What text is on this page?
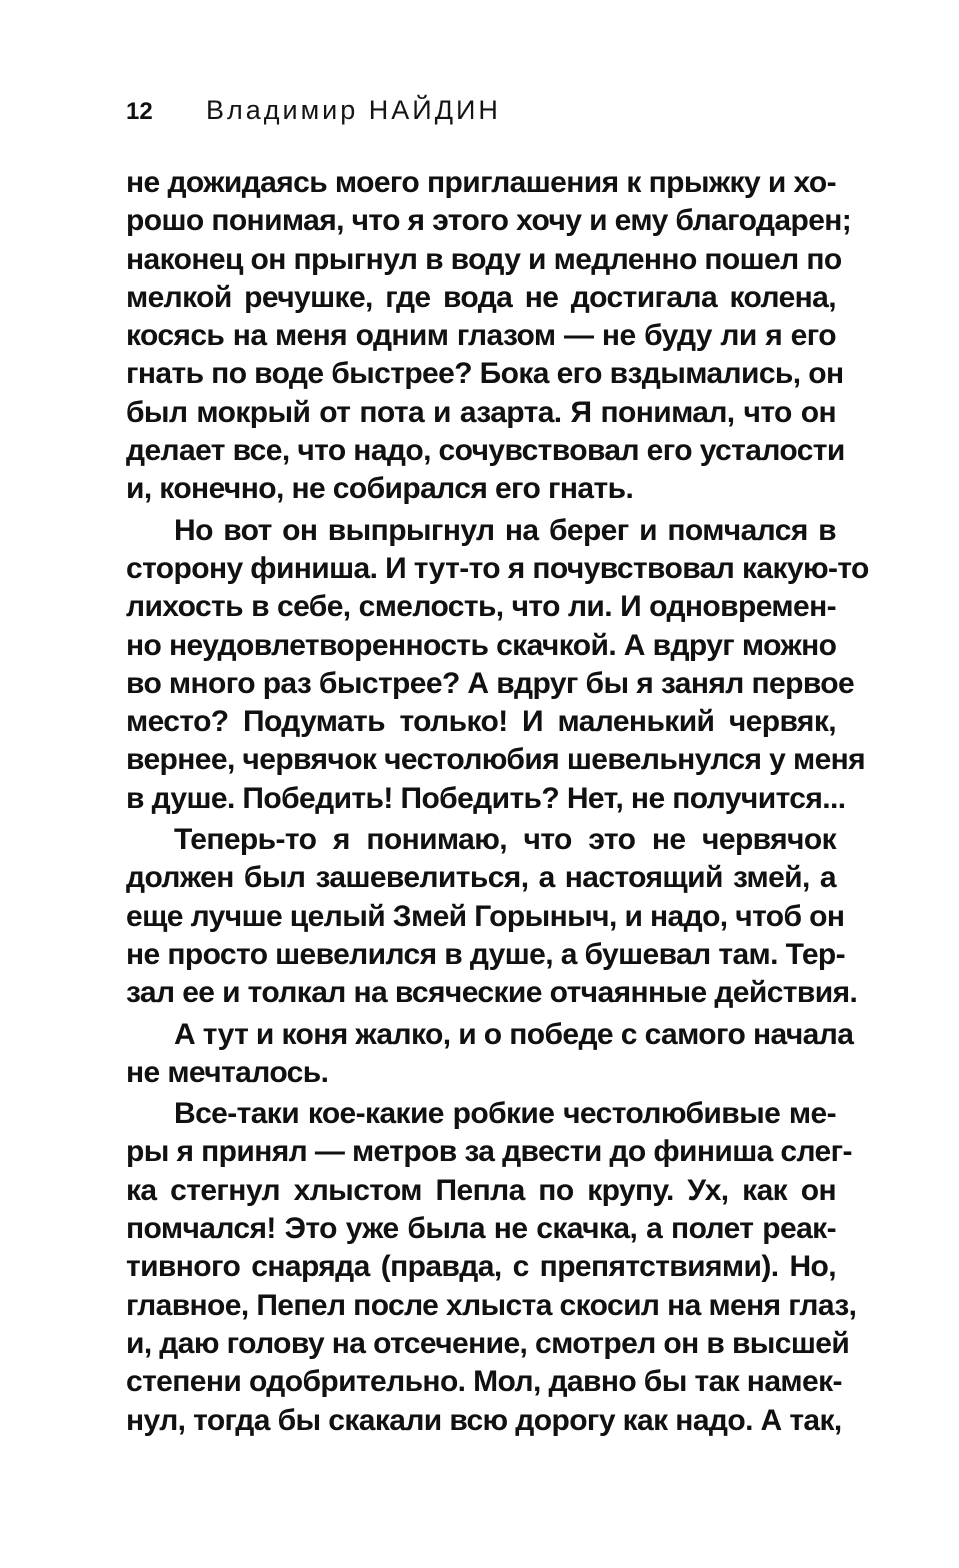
12	Владимир НАЙДИН
не дожидаясь моего приглашения к прыжку и хо-
рошо понимая, что я этого хочу и ему благодарен;
наконец он прыгнул в воду и медленно пошел по
мелкой речушке, где вода не достигала колена,
косясь на меня одним глазом — не буду ли я его
гнать по воде быстрее? Бока его вздымались, он
был мокрый от пота и азарта. Я понимал, что он
делает все, что надо, сочувствовал его усталости
и, конечно, не собирался его гнать.
Но вот он выпрыгнул на берег и помчался в
сторону финиша. И тут-то я почувствовал какую-то
лихость в себе, смелость, что ли. И одновремен-
но неудовлетворенность скачкой. А вдруг можно
во много раз быстрее? А вдруг бы я занял первое
место? Подумать только! И маленький червяк,
вернее, червячок честолюбия шевельнулся у меня
в душе. Победить! Победить? Нет, не получится...
Теперь-то я понимаю, что это не червячок
должен был зашевелиться, а настоящий змей, а
еще лучше целый Змей Горыныч, и надо, чтоб он
не просто шевелился в душе, а бушевал там. Тер-
зал ее и толкал на всяческие отчаянные действия.
А тут и коня жалко, и о победе с самого начала
не мечталось.
Все-таки кое-какие робкие честолюбивые ме-
ры я принял — метров за двести до финиша слег-
ка стегнул хлыстом Пепла по крупу. Ух, как он
помчался! Это уже была не скачка, а полет реак-
тивного снаряда (правда, с препятствиями). Но,
главное, Пепел после хлыста скосил на меня глаз,
и, даю голову на отсечение, смотрел он в высшей
степени одобрительно. Мол, давно бы так намек-
нул, тогда бы скакали всю дорогу как надо. А так,
